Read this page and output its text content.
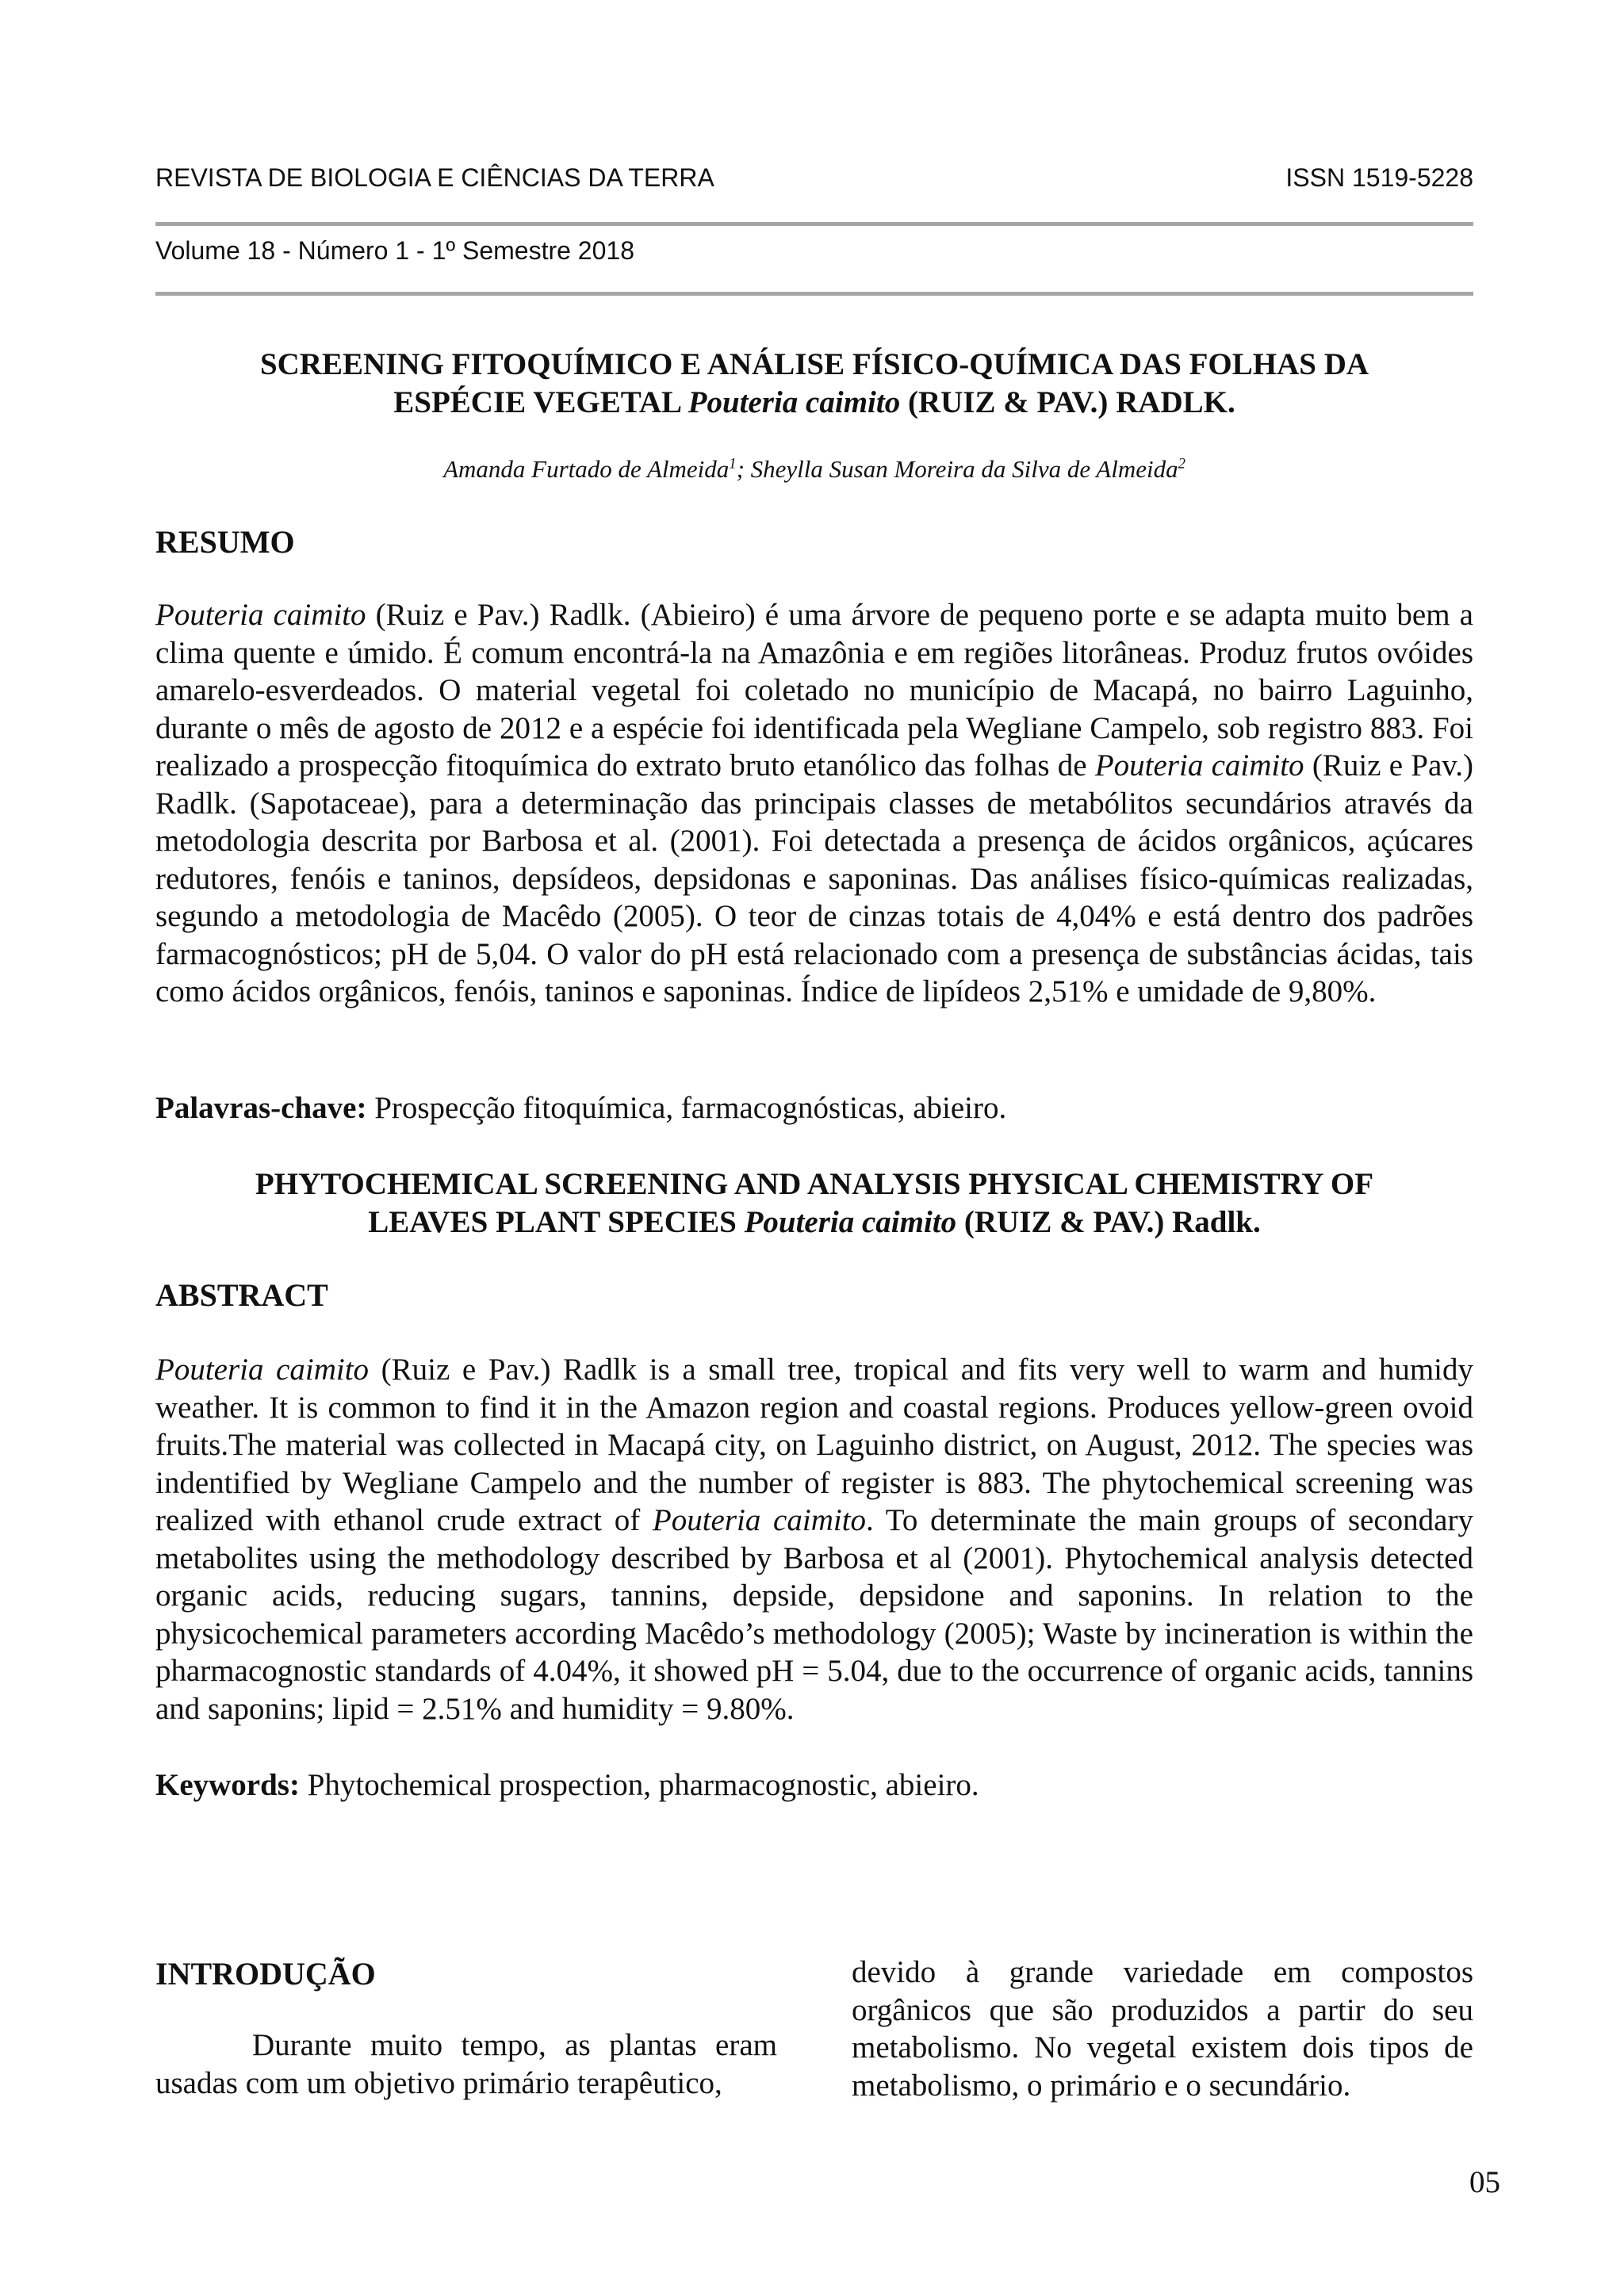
REVISTA DE BIOLOGIA E CIÊNCIAS DA TERRA	ISSN 1519-5228
Volume 18 - Número 1 - 1º Semestre 2018
SCREENING FITOQUÍMICO E ANÁLISE FÍSICO-QUÍMICA DAS FOLHAS DA
ESPÉCIE VEGETAL Pouteria caimito (RUIZ & PAV.) RADLK.
Amanda Furtado de Almeida$^1$; Sheylla Susan Moreira da Silva de Almeida$^2$
RESUMO

Pouteria caimito (Ruiz e Pav.) Radlk. (Abieiro) é uma árvore de pequeno porte e se adapta muito bem a clima quente e úmido. É comum encontrá-la na Amazônia e em regiões litorâneas. Produz frutos ovóides amarelo-esverdeados. O material vegetal foi coletado no município de Macapá, no bairro Laguinho, durante o mês de agosto de 2012 e a espécie foi identificada pela Wegliane Campelo, sob registro 883. Foi realizado a prospecção fitoquímica do extrato bruto etanólico das folhas de Pouteria caimito (Ruiz e Pav.) Radlk. (Sapotaceae), para a determinação das principais classes de metabólitos secundários através da metodologia descrita por Barbosa et al. (2001). Foi detectada a presença de ácidos orgânicos, açúcares redutores, fenóis e taninos, depsídeos, depsidonas e saponinas. Das análises físico-químicas realizadas, segundo a metodologia de Macêdo (2005). O teor de cinzas totais de 4,04% e está dentro dos padrões farmacognósticos; pH de 5,04. O valor do pH está relacionado com a presença de substâncias ácidas, tais como ácidos orgânicos, fenóis, taninos e saponinas. Índice de lipídeos 2,51% e umidade de 9,80%.

Palavras-chave: Prospecção fitoquímica, farmacognósticas, abieiro.
PHYTOCHEMICAL SCREENING AND ANALYSIS PHYSICAL CHEMISTRY OF
LEAVES PLANT SPECIES Pouteria caimito (RUIZ & PAV.) Radlk.
ABSTRACT

Pouteria caimito (Ruiz e Pav.) Radlk is a small tree, tropical and fits very well to warm and humidy weather. It is common to find it in the Amazon region and coastal regions. Produces yellow-green ovoid fruits.The material was collected in Macapá city, on Laguinho district, on August, 2012. The species was indentified by Wegliane Campelo and the number of register is 883. The phytochemical screening was realized with ethanol crude extract of Pouteria caimito. To determinate the main groups of secondary metabolites using the methodology described by Barbosa et al (2001). Phytochemical analysis detected organic acids, reducing sugars, tannins, depside, depsidone and saponins. In relation to the physicochemical parameters according Macêdo’s methodology (2005); Waste by incineration is within the pharmacognostic standards of 4.04%, it showed pH = 5.04, due to the occurrence of organic acids, tannins and saponins; lipid = 2.51% and humidity = 9.80%.

Keywords: Phytochemical prospection, pharmacognostic, abieiro.
INTRODUÇÃO

Durante muito tempo, as plantas eram usadas com um objetivo primário terapêutico,

devido à grande variedade em compostos orgânicos que são produzidos a partir do seu metabolismo. No vegetal existem dois tipos de metabolismo, o primário e o secundário.

05
